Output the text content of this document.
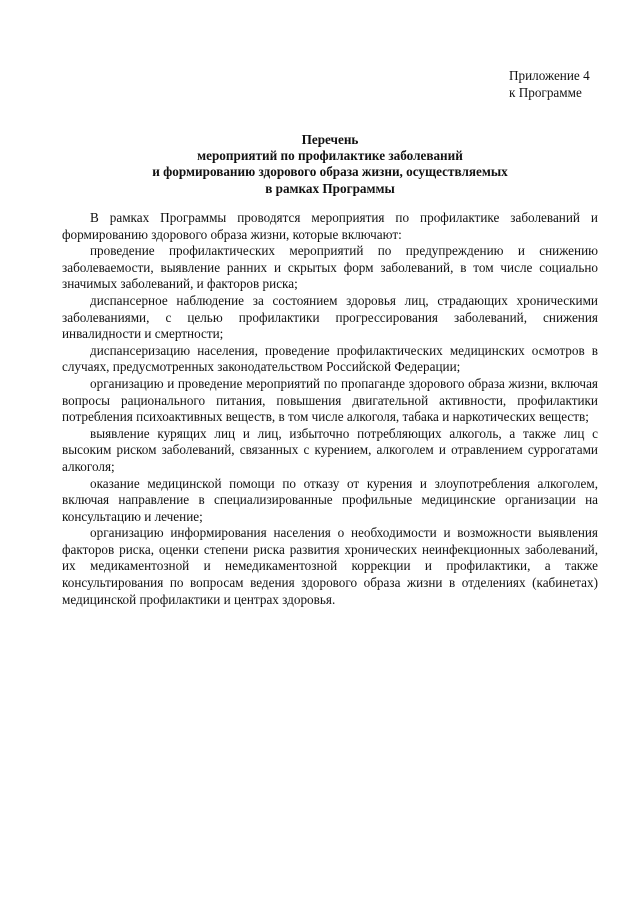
Приложение 4
к Программе
Перечень
мероприятий по профилактике заболеваний
и формированию здорового образа жизни, осуществляемых
в рамках Программы

В рамках Программы проводятся мероприятия по профилактике заболеваний и формированию здорового образа жизни, которые включают:

проведение профилактических мероприятий по предупреждению и снижению заболеваемости, выявление ранних и скрытых форм заболеваний, в том числе социально значимых заболеваний, и факторов риска;

диспансерное наблюдение за состоянием здоровья лиц, страдающих хроническими заболеваниями, с целью профилактики прогрессирования заболеваний, снижения инвалидности и смертности;

диспансеризацию населения, проведение профилактических медицинских осмотров в случаях, предусмотренных законодательством Российской Федерации;

организацию и проведение мероприятий по пропаганде здорового образа жизни, включая вопросы рационального питания, повышения двигательной активности, профилактики потребления психоактивных веществ, в том числе алкоголя, табака и наркотических веществ;

выявление курящих лиц и лиц, избыточно потребляющих алкоголь, а также лиц с высоким риском заболеваний, связанных с курением, алкоголем и отравлением суррогатами алкоголя;

оказание медицинской помощи по отказу от курения и злоупотребления алкоголем, включая направление в специализированные профильные медицинские организации на консультацию и лечение;

организацию информирования населения о необходимости и возможности выявления факторов риска, оценки степени риска развития хронических неинфекционных заболеваний, их медикаментозной и немедикаментозной коррекции и профилактики, а также консультирования по вопросам ведения здорового образа жизни в отделениях (кабинетах) медицинской профилактики и центрах здоровья.
